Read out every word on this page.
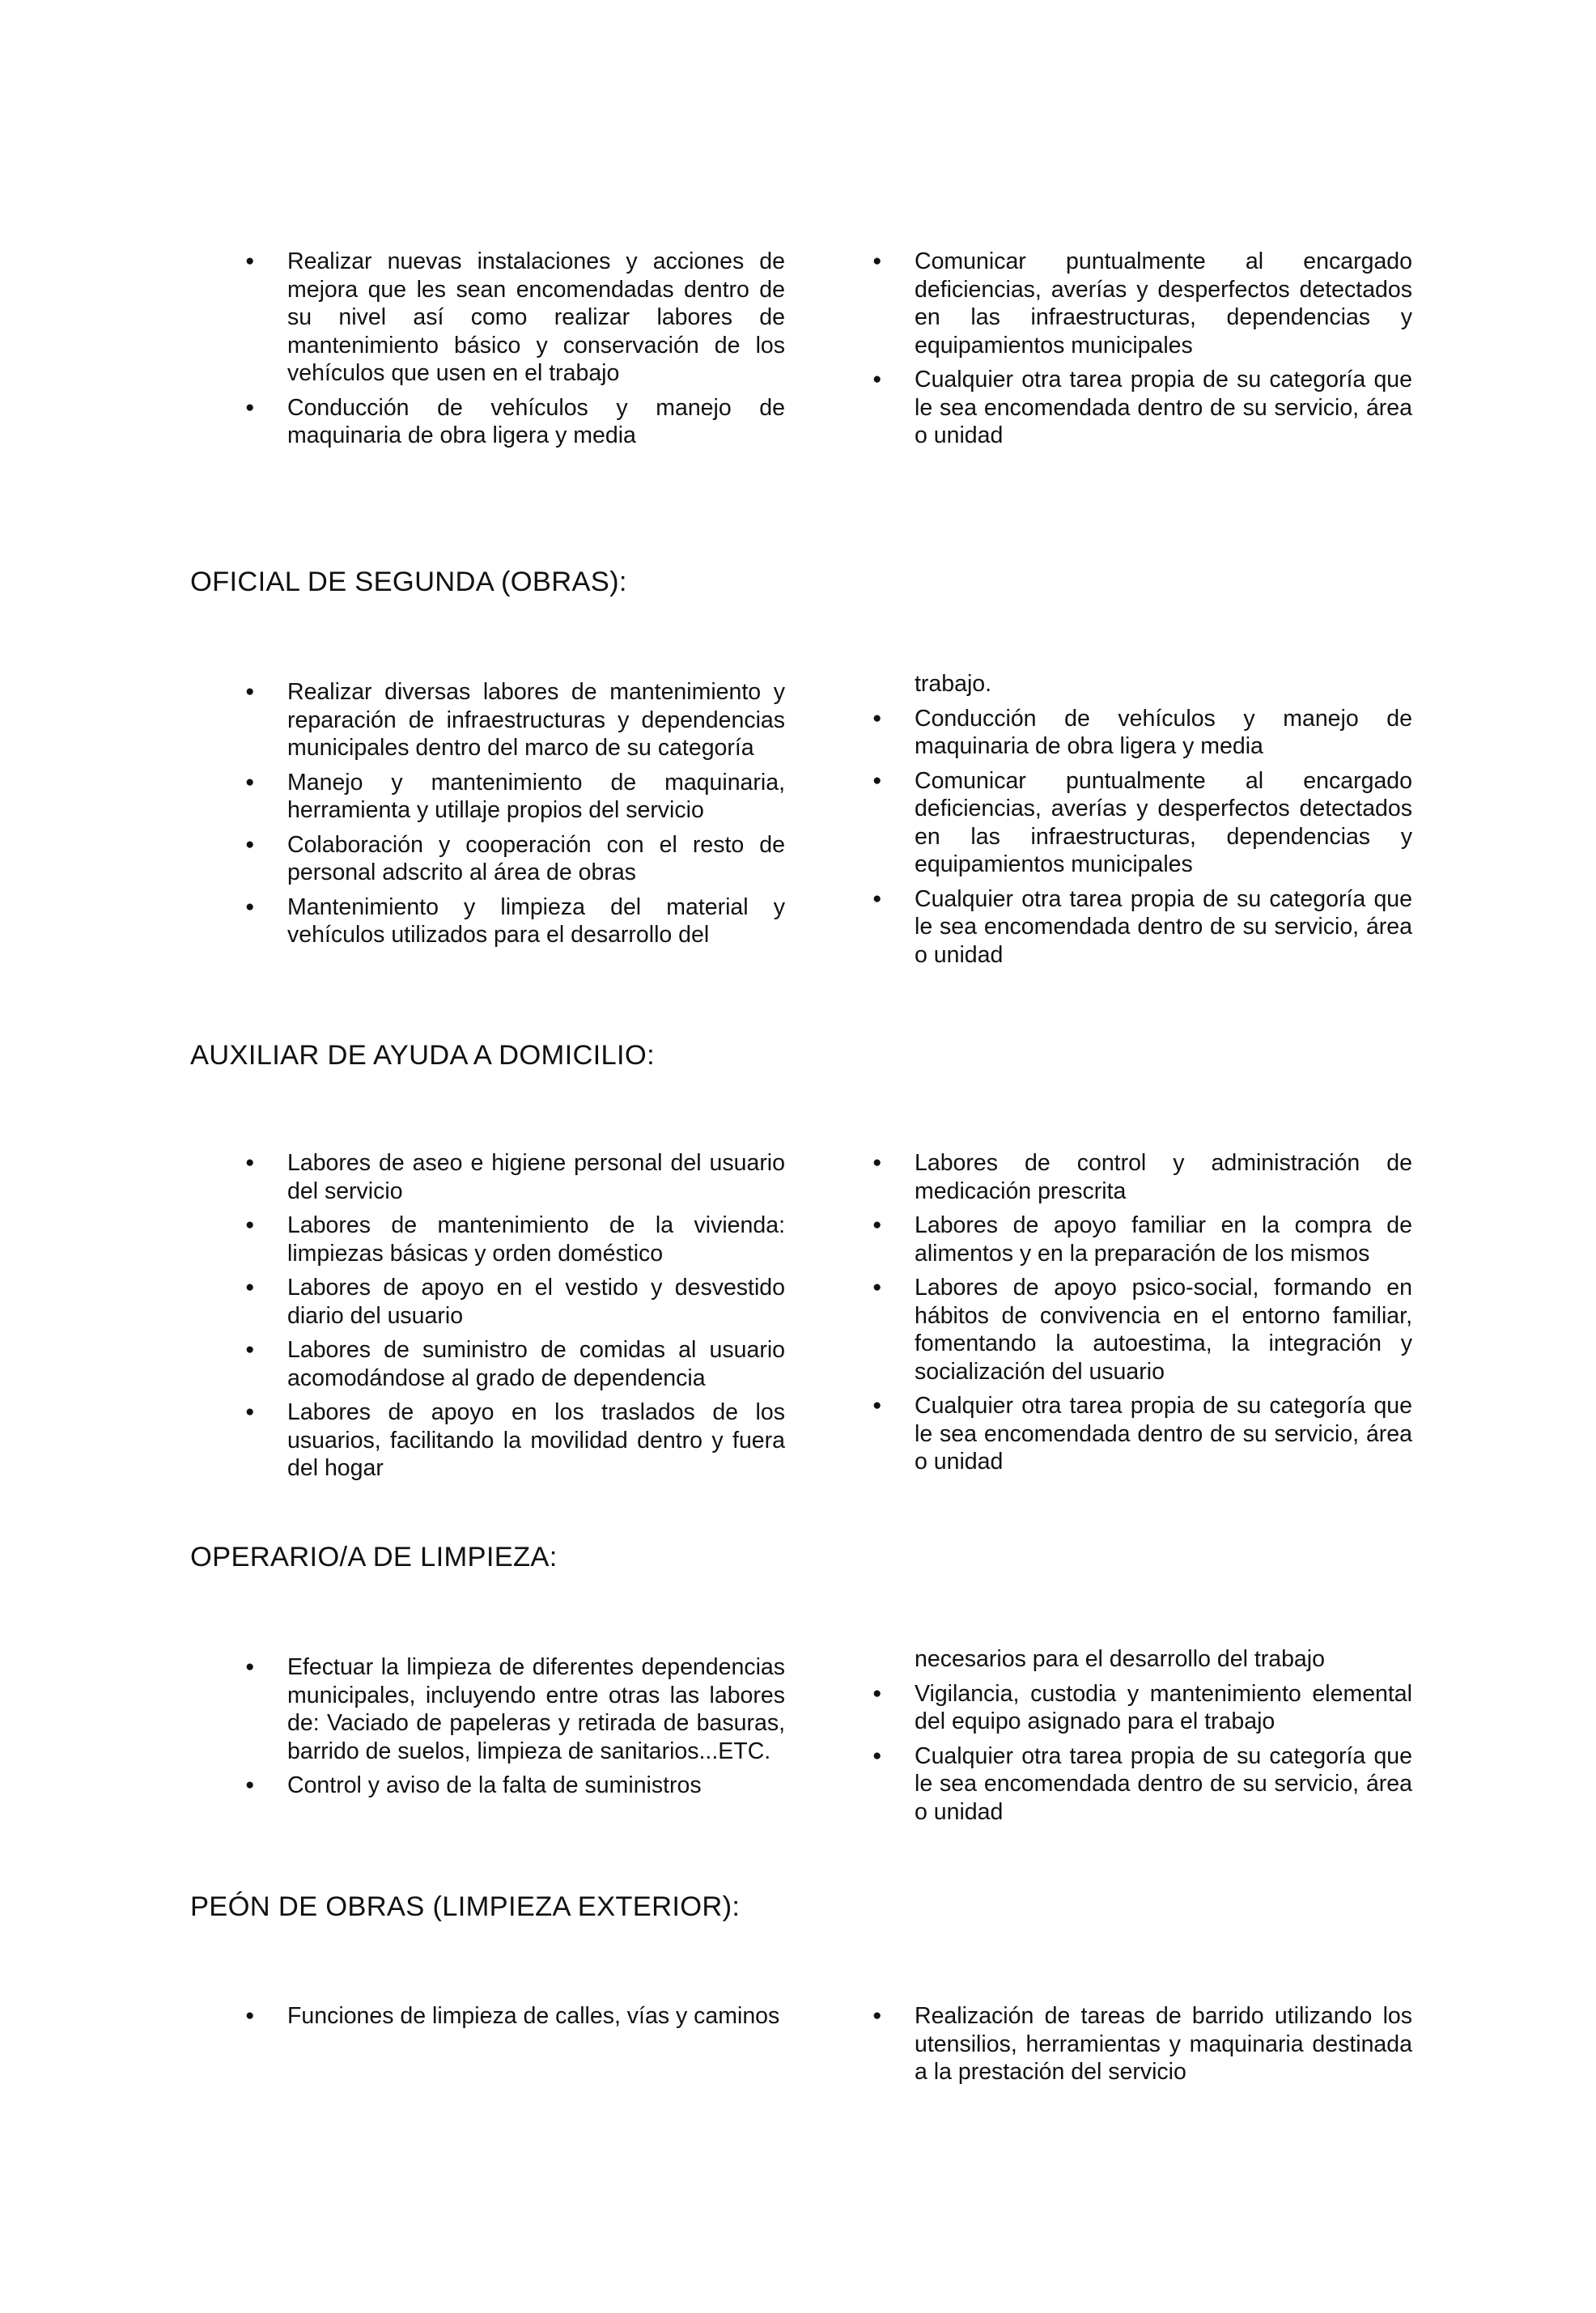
● Realizar nuevas instalaciones y acciones de mejora que les sean encomendadas dentro de su nivel así como realizar labores de mantenimiento básico y conservación de los vehículos que usen en el trabajo
● Conducción de vehículos y manejo de maquinaria de obra ligera y media
● Comunicar puntualmente al encargado deficiencias, averías y desperfectos detectados en las infraestructuras, dependencias y equipamientos municipales
● Cualquier otra tarea propia de su categoría que le sea encomendada dentro de su servicio, área o unidad
OFICIAL DE SEGUNDA (OBRAS):
● Realizar diversas labores de mantenimiento y reparación de infraestructuras y dependencias municipales dentro del marco de su categoría
● Manejo y mantenimiento de maquinaria, herramienta y utillaje propios del servicio
● Colaboración y cooperación con el resto de personal adscrito al área de obras
● Mantenimiento y limpieza del material y vehículos utilizados para el desarrollo del
trabajo.
● Conducción de vehículos y manejo de maquinaria de obra ligera y media
● Comunicar puntualmente al encargado deficiencias, averías y desperfectos detectados en las infraestructuras, dependencias y equipamientos municipales
● Cualquier otra tarea propia de su categoría que le sea encomendada dentro de su servicio, área o unidad
AUXILIAR DE AYUDA A DOMICILIO:
● Labores de aseo e higiene personal del usuario del servicio
● Labores de mantenimiento de la vivienda: limpiezas básicas y orden doméstico
● Labores de apoyo en el vestido y desvestido diario del usuario
● Labores de suministro de comidas al usuario acomodándose al grado de dependencia
● Labores de apoyo en los traslados de los usuarios, facilitando la movilidad dentro y fuera del hogar
● Labores de control y administración de medicación prescrita
● Labores de apoyo familiar en la compra de alimentos y en la preparación de los mismos
● Labores de apoyo psico-social, formando en hábitos de convivencia en el entorno familiar, fomentando la autoestima, la integración y socialización del usuario
● Cualquier otra tarea propia de su categoría que le sea encomendada dentro de su servicio, área o unidad
OPERARIO/A DE LIMPIEZA:
● Efectuar la limpieza de diferentes dependencias municipales, incluyendo entre otras las labores de: Vaciado de papeleras y retirada de basuras, barrido de suelos, limpieza de sanitarios...ETC.
● Control y aviso de la falta de suministros
necesarios para el desarrollo del trabajo
● Vigilancia, custodia y mantenimiento elemental del equipo asignado para el trabajo
● Cualquier otra tarea propia de su categoría que le sea encomendada dentro de su servicio, área o unidad
PEÓN DE OBRAS (LIMPIEZA EXTERIOR):
● Funciones de limpieza de calles, vías y caminos
●	Realización de tareas de barrido utilizando los utensilios, herramientas y maquinaria destinada a la prestación del servicio
